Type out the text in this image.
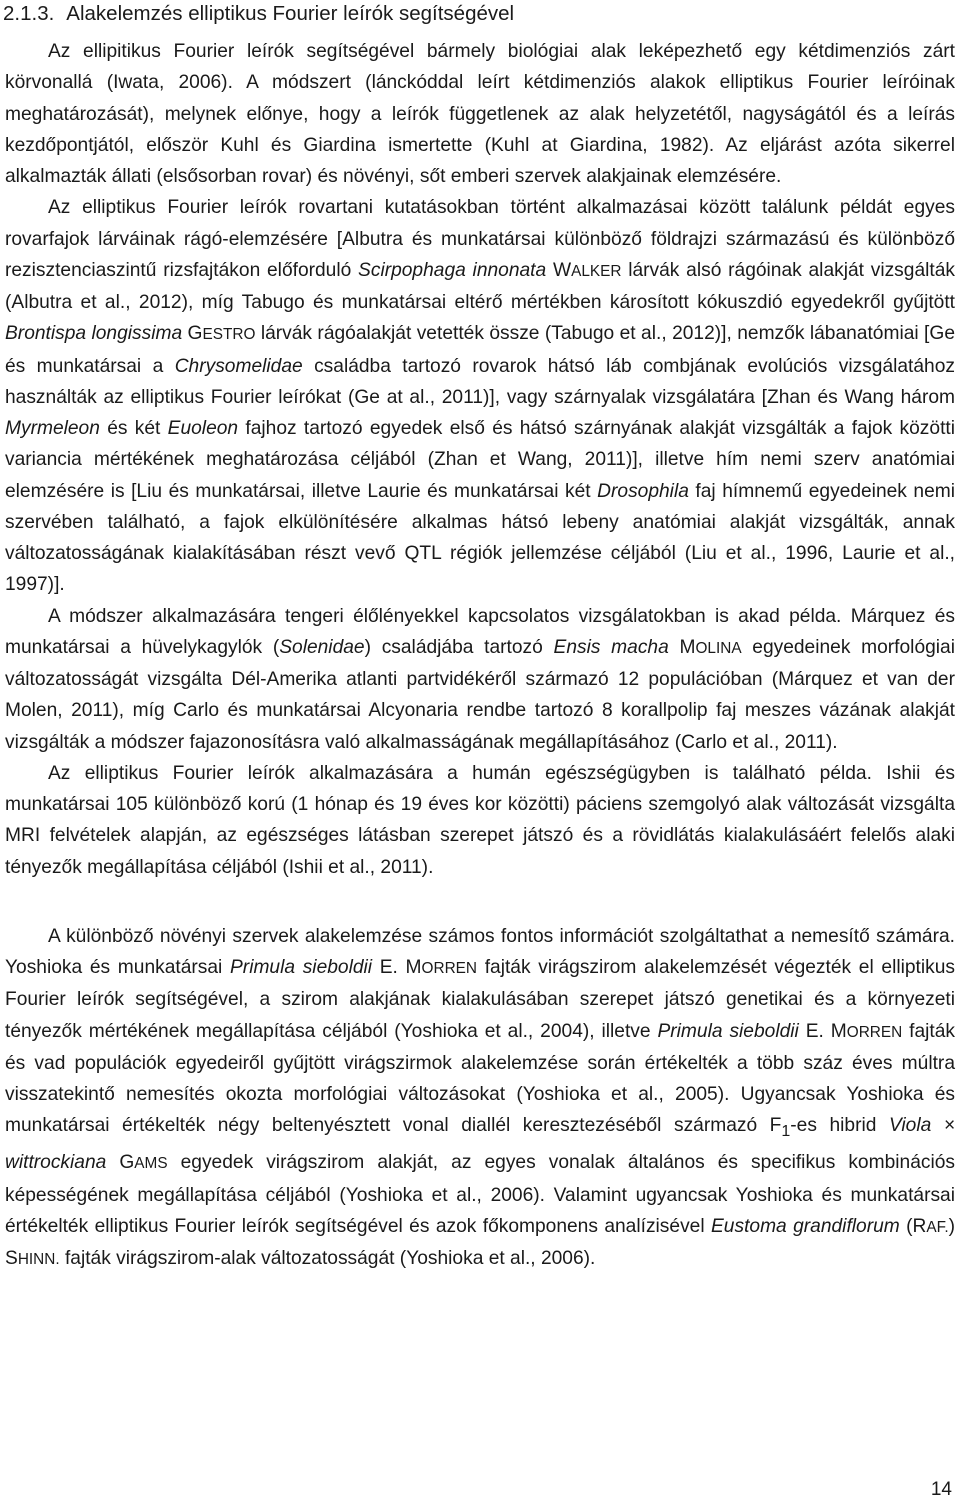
2.1.3. Alakelemzés elliptikus Fourier leírók segítségével

Az ellipitikus Fourier leírók segítségével bármely biológiai alak leképezhető egy kétdimenziós zárt körvonallá (Iwata, 2006). A módszert (lánckóddal leírt kétdimenziós alakok elliptikus Fourier leíróinak meghatározását), melynek előnye, hogy a leírók függetlenek az alak helyzetétől, nagyságától és a leírás kezdőpontjától, először Kuhl és Giardina ismertette (Kuhl at Giardina, 1982). Az eljárást azóta sikerrel alkalmazták állati (elsősorban rovar) és növényi, sőt emberi szervek alakjainak elemzésére.

Az elliptikus Fourier leírók rovartani kutatásokban történt alkalmazásai között találunk példát egyes rovarfajok lárváinak rágó-elemzésére [Albutra és munkatársai különböző földrajzi származású és különböző rezisztenciaszintű rizsfajtákon előforduló Scirpophaga innonata WALKER lárvák alsó rágóinak alakját vizsgálták (Albutra et al., 2012), míg Tabugo és munkatársai eltérő mértékben károsított kókuszdió egyedekről gyűjtött Brontispa longissima GESTRO lárvák rágóalakját vetették össze (Tabugo et al., 2012)], nemzők lábanatómiai [Ge és munkatársai a Chrysomelidae családba tartozó rovarok hátsó láb combjának evolúciós vizsgálatához használták az elliptikus Fourier leírókat (Ge at al., 2011)], vagy szárnyalak vizsgálatára [Zhan és Wang három Myrmeleon és két Euoleon fajhoz tartozó egyedek első és hátsó szárnyának alakját vizsgálták a fajok közötti variancia mértékének meghatározása céljából (Zhan et Wang, 2011)], illetve hím nemi szerv anatómiai elemzésére is [Liu és munkatársai, illetve Laurie és munkatársai két Drosophila faj hímnemű egyedeinek nemi szervében található, a fajok elkülönítésére alkalmas hátsó lebeny anatómiai alakját vizsgálták, annak változatosságának kialakításában részt vevő QTL régiók jellemzése céljából (Liu et al., 1996, Laurie et al., 1997)].

A módszer alkalmazására tengeri élőlényekkel kapcsolatos vizsgálatokban is akad példa. Márquez és munkatársai a hüvelykagylók (Solenidae) családjába tartozó Ensis macha MOLINA egyedeinek morfológiai változatosságát vizsgálta Dél-Amerika atlanti partvidékéről származó 12 populációban (Márquez et van der Molen, 2011), míg Carlo és munkatársai Alcyonaria rendbe tartozó 8 korallpolip faj meszes vázának alakját vizsgálták a módszer fajazonosításra való alkalmasságának megállapításához (Carlo et al., 2011).

Az elliptikus Fourier leírók alkalmazására a humán egészségügyben is található példa. Ishii és munkatársai 105 különböző korú (1 hónap és 19 éves kor közötti) páciens szemgolyó alak változását vizsgálta MRI felvételek alapján, az egészséges látásban szerepet játszó és a rövidlátás kialakulásáért felelős alaki tényezők megállapítása céljából (Ishii et al., 2011).

A különböző növényi szervek alakelemzése számos fontos információt szolgáltathat a nemesítő számára. Yoshioka és munkatársai Primula sieboldii E. MORREN fajták virágszirom alakelemzését végezték el elliptikus Fourier leírók segítségével, a szirom alakjának kialakulásában szerepet játszó genetikai és a környezeti tényezők mértékének megállapítása céljából (Yoshioka et al., 2004), illetve Primula sieboldii E. MORREN fajták és vad populációk egyedeiről gyűjtött virágszirmok alakelemzése során értékelték a több száz éves múltra visszatekintő nemesítés okozta morfológiai változásokat (Yoshioka et al., 2005). Ugyancsak Yoshioka és munkatársai értékelték négy beltenyésztett vonal diallél keresztezéséből származó $F_1-es$ hibrid Viola × wittrockiana GAMS egyedek virágszirom alakját, az egyes vonalak általános és specifikus kombinációs képességének megállapítása céljából (Yoshioka et al., 2006). Valamint ugyancsak Yoshioka és munkatársai értékelték elliptikus Fourier leírók segítségével és azok főkomponens analízisével Eustoma grandiflorum (RAF.) SHINN. fajták virágszirom-alak változatosságát (Yoshioka et al., 2006).

14
